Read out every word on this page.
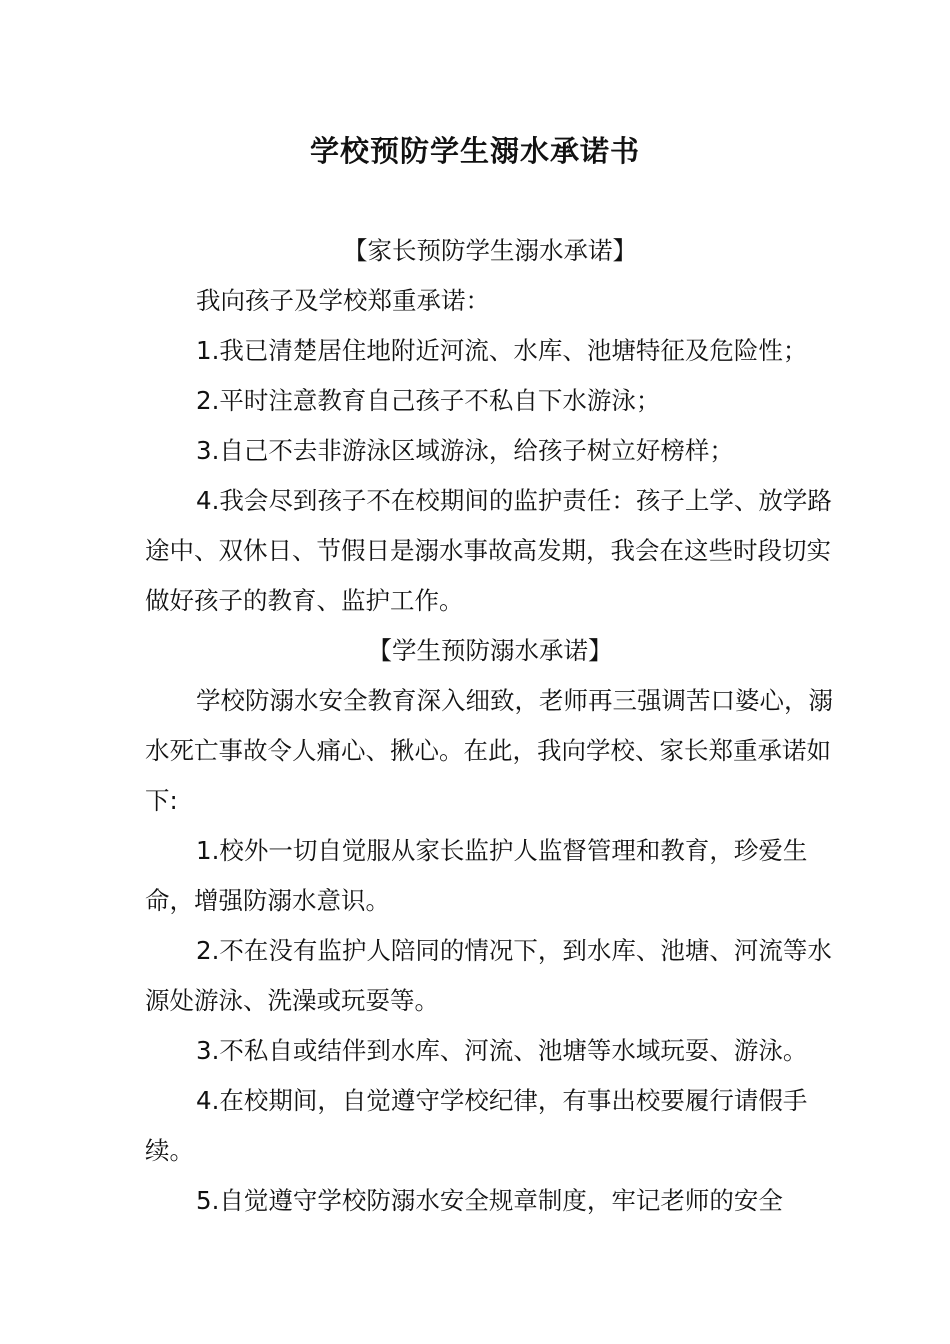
学校预防学生溺水承诺书

【家长预防学生溺水承诺】

我向孩子及学校郑重承诺：

1.我已清楚居住地附近河流、水库、池塘特征及危险性；

2.平时注意教育自己孩子不私自下水游泳；

3.自己不去非游泳区域游泳，给孩子树立好榜样；

4.我会尽到孩子不在校期间的监护责任：孩子上学、放学路途中、双休日、节假日是溺水事故高发期，我会在这些时段切实做好孩子的教育、监护工作。

【学生预防溺水承诺】

学校防溺水安全教育深入细致，老师再三强调苦口婆心，溺水死亡事故令人痛心、揪心。在此，我向学校、家长郑重承诺如下:

1.校外一切自觉服从家长监护人监督管理和教育，珍爱生命，增强防溺水意识。

2.不在没有监护人陪同的情况下，到水库、池塘、河流等水源处游泳、洗澡或玩耍等。

3.不私自或结伴到水库、河流、池塘等水域玩耍、游泳。

4.在校期间，自觉遵守学校纪律，有事出校要履行请假手续。

5.自觉遵守学校防溺水安全规章制度，牢记老师的安全
